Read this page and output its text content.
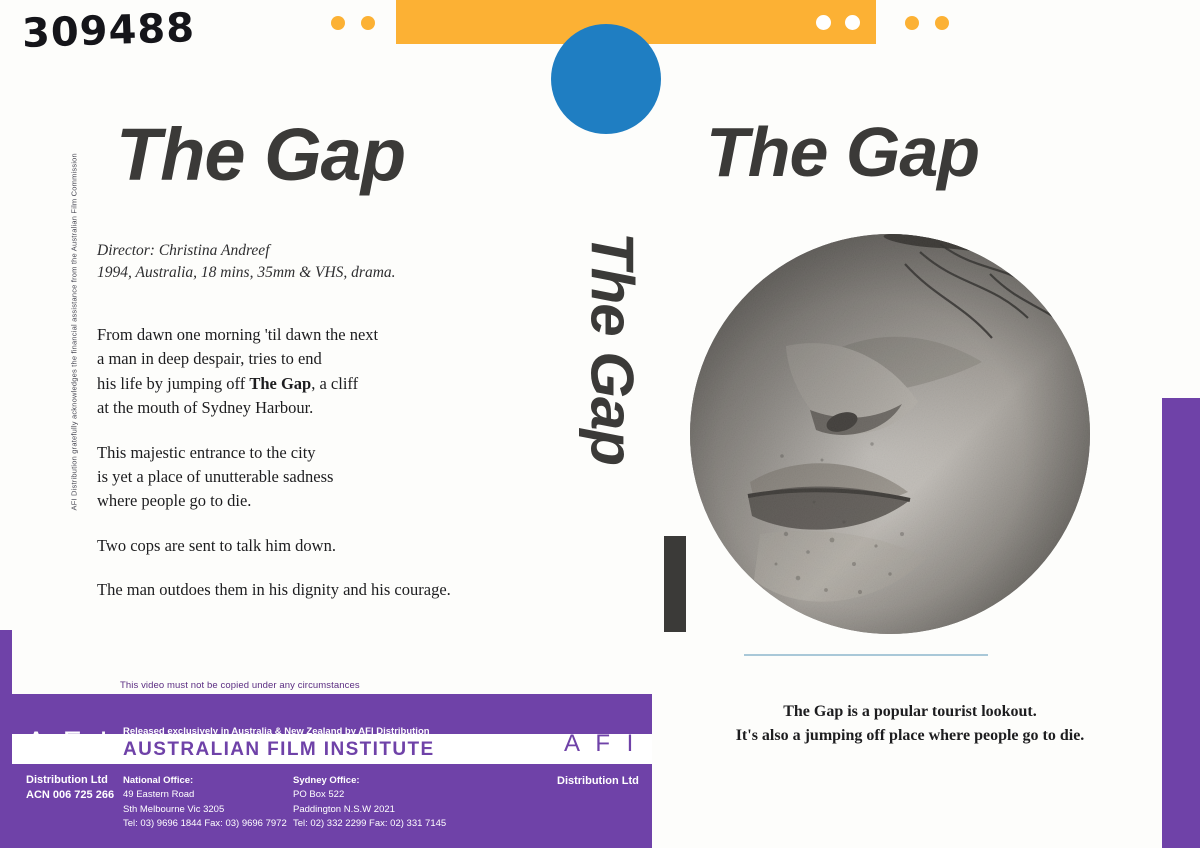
309488
AFI Distribution gratefully acknowledges the financial assistance from the Australian Film Commission The Gap
The Gap
The Gap
Director: Christina Andreef
1994, Australia, 18 mins, 35mm & VHS, drama.

From dawn one morning 'til dawn the next
a man in deep despair, tries to end
his life by jumping off The Gap, a cliff
at the mouth of Sydney Harbour.

This majestic entrance to the city
is yet a place of unutterable sadness
where people go to die.

Two cops are sent to talk him down.

The man outdoes them in his dignity and his courage.

The Gap is a popular tourist lookout.
It's also a jumping off place where people go to die.
This video must not be copied under any circumstances
Released exclusively in Australia & New Zealand by AFI Distribution
AUSTRALIAN FILM INSTITUTE
A F I
Distribution Ltd
ACN 006 725 266
A F I
Distribution Ltd
National Office:
49 Eastern Road
Sth Melbourne Vic 3205
Tel: 03) 9696 1844 Fax: 03) 9696 7972
Sydney Office:
PO Box 522
Paddington N.S.W 2021
Tel: 02) 332 2299 Fax: 02) 331 7145
